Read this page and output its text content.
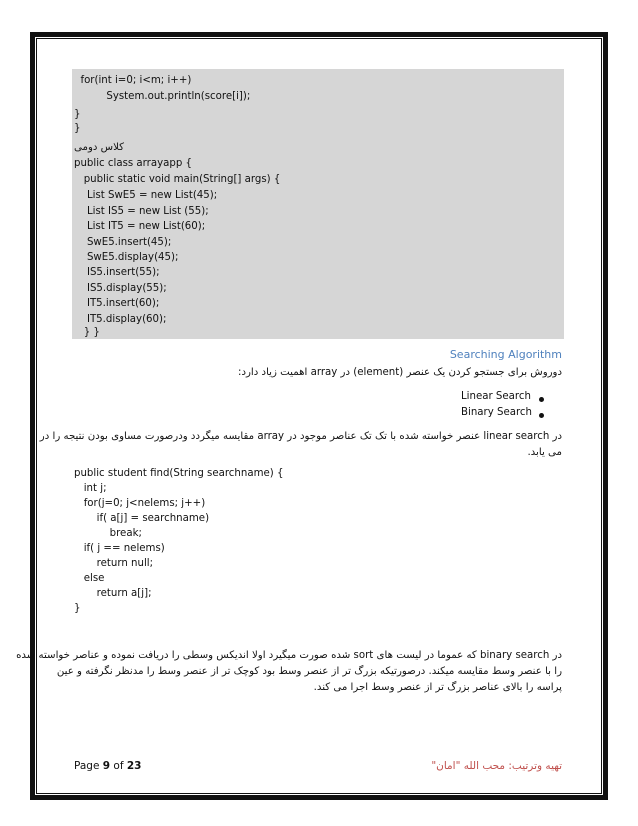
for(int i=0; i<m; i++)
System.out.println(score[i]);
}
}
کلاس دومی
public class arrayapp {
public static void main(String[] args) {
List SwE5 = new List(45);
List IS5 = new List (55);
List IT5 = new List(60);
SwE5.insert(45);
SwE5.display(45);
IS5.insert(55);
IS5.display(55);
IT5.insert(60);
IT5.display(60);
} }
Searching Algorithm
دوروش برای جستجو کردن یک عنصر (element) در array اهمیت زیاد دارد:
Linear Search
Binary Search
در linear search عنصر خواسته شده با تک تک عناصر موجود در array مقایسه میگردد ودرصورت مساوی بودن نتیجه را در
می یابد.
public student find(String searchname) {
int j;
for(j=0; j<nelems; j++)
if( a[j] = searchname)
break;
if( j == nelems)
return null;
else
return a[j];
}
در binary search که عموما در لیست های sort شده صورت میگیرد اولا اندیکس وسطی را دریافت نموده و عناصر خواسته شده
را با عنصر وسط مقایسه میکند. درصورتیکه بزرگ تر از عنصر وسط بود کوچک تر از عنصر وسط را مدنظر نگرفته و عین
پراسه را بالای عناصر بزرگ تر از عنصر وسط اجرا می کند.
Page 9 of 23	تهیه وترتیب: محب الله "امان"
